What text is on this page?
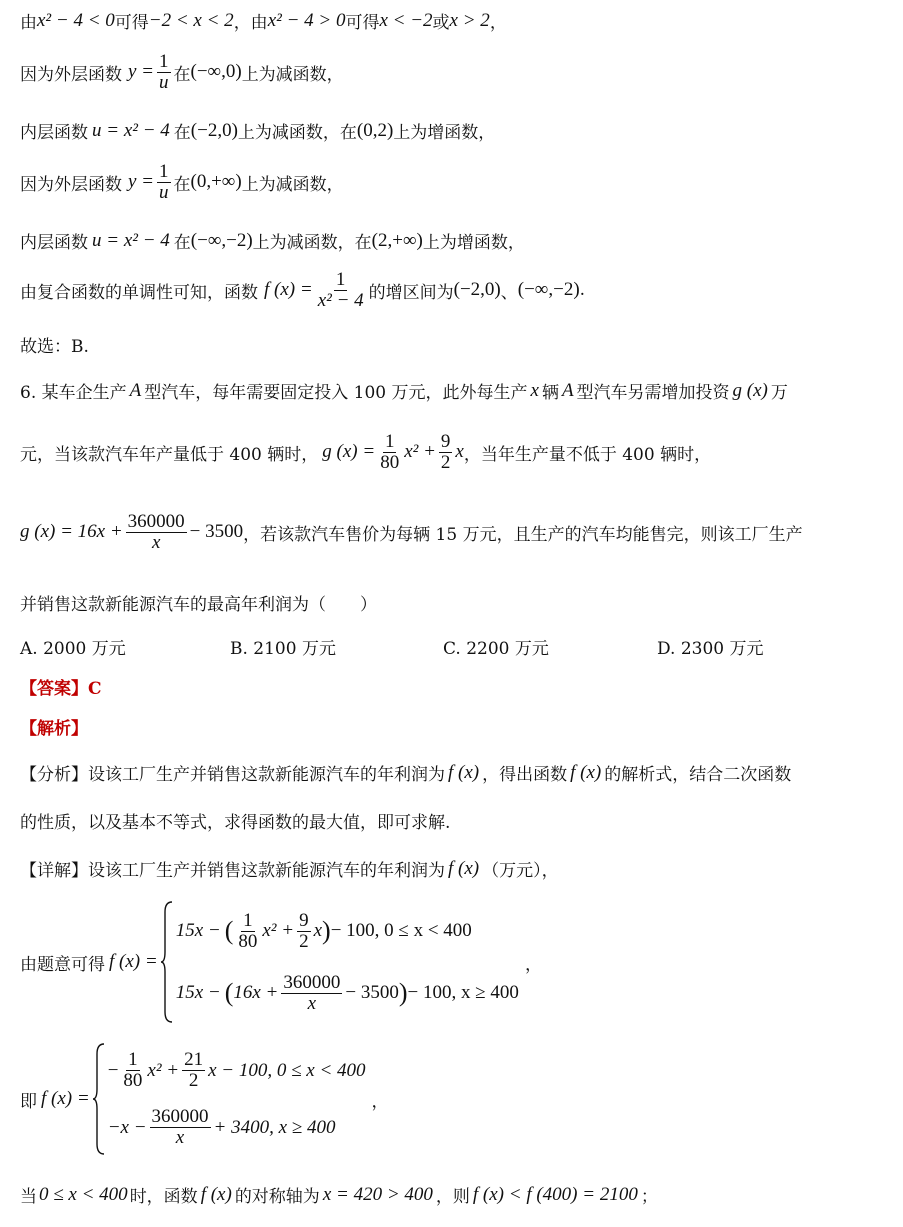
由 x² − 4 < 0 可得 −2 < x < 2 ，由 x² − 4 > 0 可得 x < −2 或 x > 2 ，
因为外层函数 $y = \frac{1}{u}$ 在 (−∞,0) 上为减函数，
内层函数 u = x² − 4 在 (−2,0) 上为减函数，在 (0,2) 上为增函数，
因为外层函数 $y = \frac{1}{u}$ 在 (0,+∞) 上为减函数，
内层函数 u = x² − 4 在 (−∞,−2) 上为减函数，在 (2,+∞) 上为增函数，
由复合函数的单调性可知，函数 f $(x) = \frac{1}{\text{x² − 4}}$ 的增区间为 (−2,0) 、 (−∞,−2) .
故选：B.
6. 某车企生产 A 型汽车，每年需要固定投入 100 万元，此外每生产 x 辆 A 型汽车另需增加投资 g (x) 万
元，当该款汽车年产量低于 400 辆时， g $(x) = \frac{1}{80} x^2 + \frac{9}{2}$ x ，当年生产量不低于 400 辆时，
g $(x) = 16x + \frac{360000}{x} - 3500$ ，若该款汽车售价为每辆 15 万元，且生产的汽车均能售完，则该工厂生产
并销售这款新能源汽车的最高年利润为（　　）
A. 2000 万元	B. 2100 万元	C. 2200 万元	D. 2300 万元
【答案】C
【解析】
【分析】设该工厂生产并销售这款新能源汽车的年利润为 f (x) ，得出函数 f (x) 的解析式，结合二次函数
的性质，以及基本不等式，求得函数的最大值，即可求解.
【详解】设该工厂生产并销售这款新能源汽车的年利润为 f (x) （万元），
由题意可得 f (x) =
15x − ( $\frac{1}{80} x^2 + \frac{9}{2}$ x ) − 100, 0 ≤ x < 400
15x − ( $16x + \frac{360000}{x} - 3500$ ) − 100, x ≥ 400
，
即 f (x) =
− $\frac{1}{80} x^2 + \frac{21}{2}$ x − 100, 0 ≤ x < 400
$-x - \frac{360000}{x} + 3400$, x ≥ 400
，
当 0 ≤ x < 400 时，函数 f (x) 的对称轴为 x = 420 > 400 ，则 f (x) < f (400) = 2100 ；
